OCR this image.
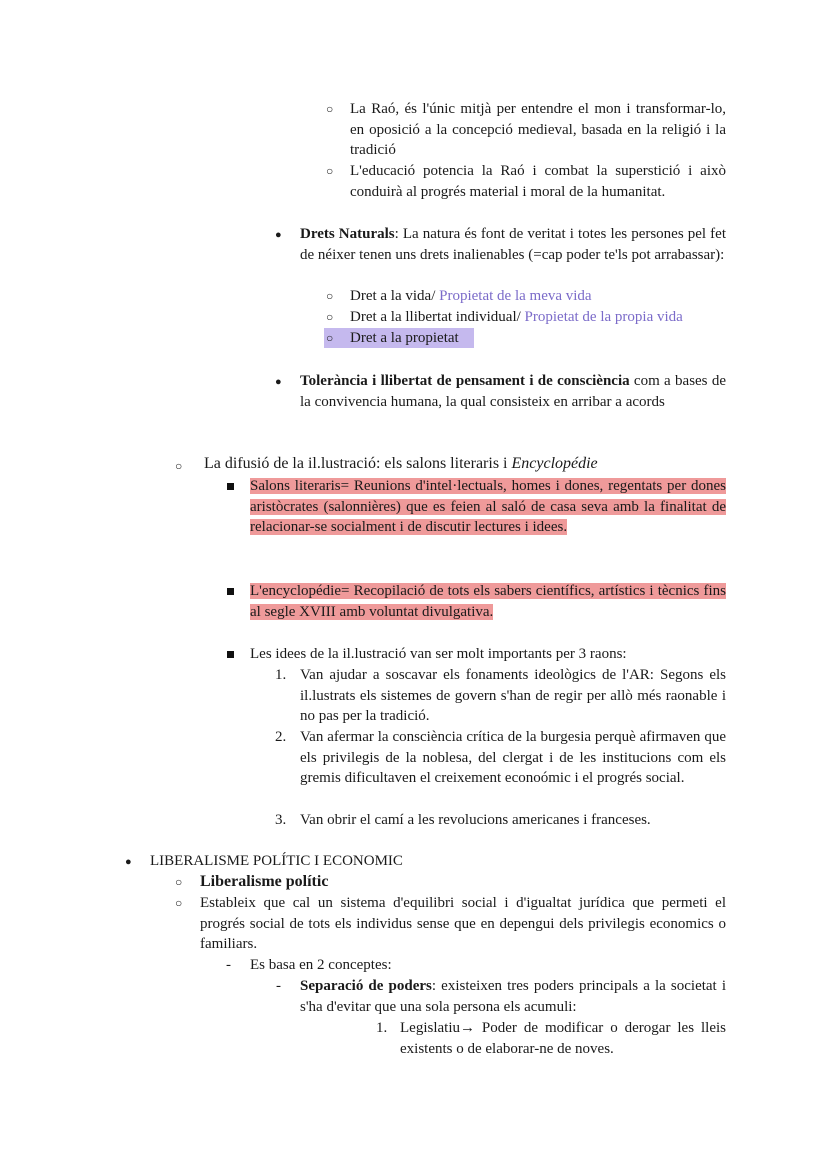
○ La Raó, és l'únic mitjà per entendre el mon i transformar-lo, en oposició a la concepció medieval, basada en la religió i la tradició
○ L'educació potencia la Raó i combat la superstició i això conduirà al progrés material i moral de la humanitat.
● Drets Naturals: La natura és font de veritat i totes les persones pel fet de néixer tenen uns drets inalienables (=cap poder te'ls pot arrabassar):
○ Dret a la vida/ Propietat de la meva vida
○ Dret a la llibertat individual/ Propietat de la propia vida
○ Dret a la propietat
● Tolerància i llibertat de pensament i de consciència com a bases de la convivencia humana, la qual consisteix en arribar a acords
○ La difusió de la il.lustració: els salons literaris i Encyclopédie
Salons literaris= Reunions d'intel·lectuals, homes i dones, regentats per dones aristòcrates (salonnières) que es feien al saló de casa seva amb la finalitat de relacionar-se socialment i de discutir lectures i idees.
L'encyclopédie= Recopilació de tots els sabers científics, artístics i tècnics fins al segle XVIII amb voluntat divulgativa.
Les idees de la il.lustració van ser molt importants per 3 raons:
1. Van ajudar a soscavar els fonaments ideològics de l'AR: Segons els il.lustrats els sistemes de govern s'han de regir per allò més raonable i no pas per la tradició.
2. Van afermar la consciència crítica de la burgesia perquè afirmaven que els privilegis de la noblesa, del clergat i de les institucions com els gremis dificultaven el creixement econoómic i el progrés social.
3. Van obrir el camí a les revolucions americanes i franceses.
● LIBERALISME POLÍTIC I ECONOMIC
○ Liberalisme polític
○ Estableix que cal un sistema d'equilibri social i d'igualtat jurídica que permeti el progrés social de tots els individus sense que en depengui dels privilegis economics o familiars.
- Es basa en 2 conceptes:
- Separació de poders: existeixen tres poders principals a la societat i s'ha d'evitar que una sola persona els acumuli:
1. Legislatiu→ Poder de modificar o derogar les lleis existents o de elaborar-ne de noves.
